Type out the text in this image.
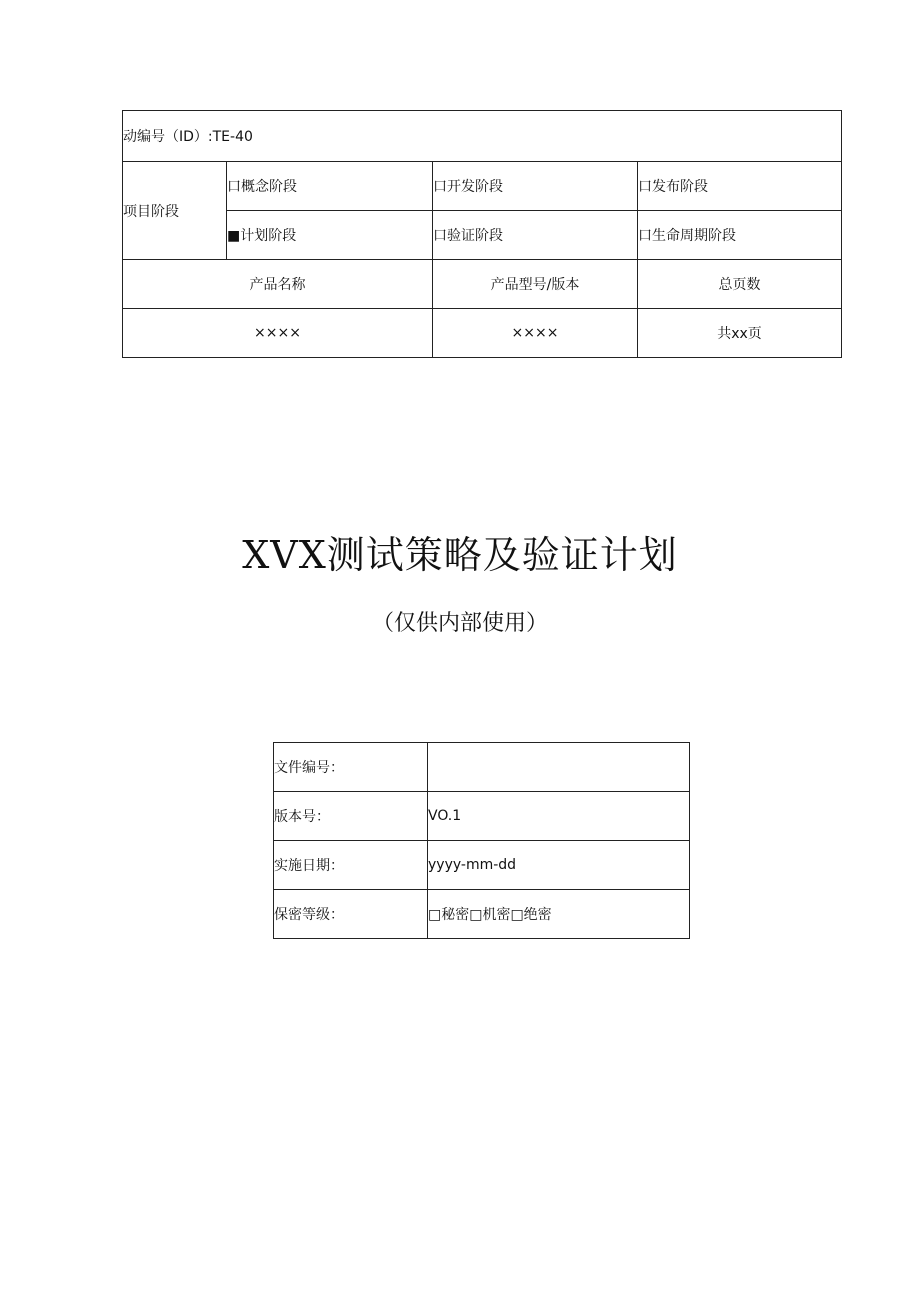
动编号（ID）:TE-40			
项目阶段	口概念阶段	口开发阶段	口发布阶段
	■计划阶段	口验证阶段	口生命周期阶段
产品名称		产品型号/版本	总页数
××××		××××	共xx页
XVX测试策略及验证计划
（仅供内部使用）
文件编号：	
版本号：	VO.1
实施日期：	yyyy-mm-dd
保密等级：	□秘密□机密□绝密
